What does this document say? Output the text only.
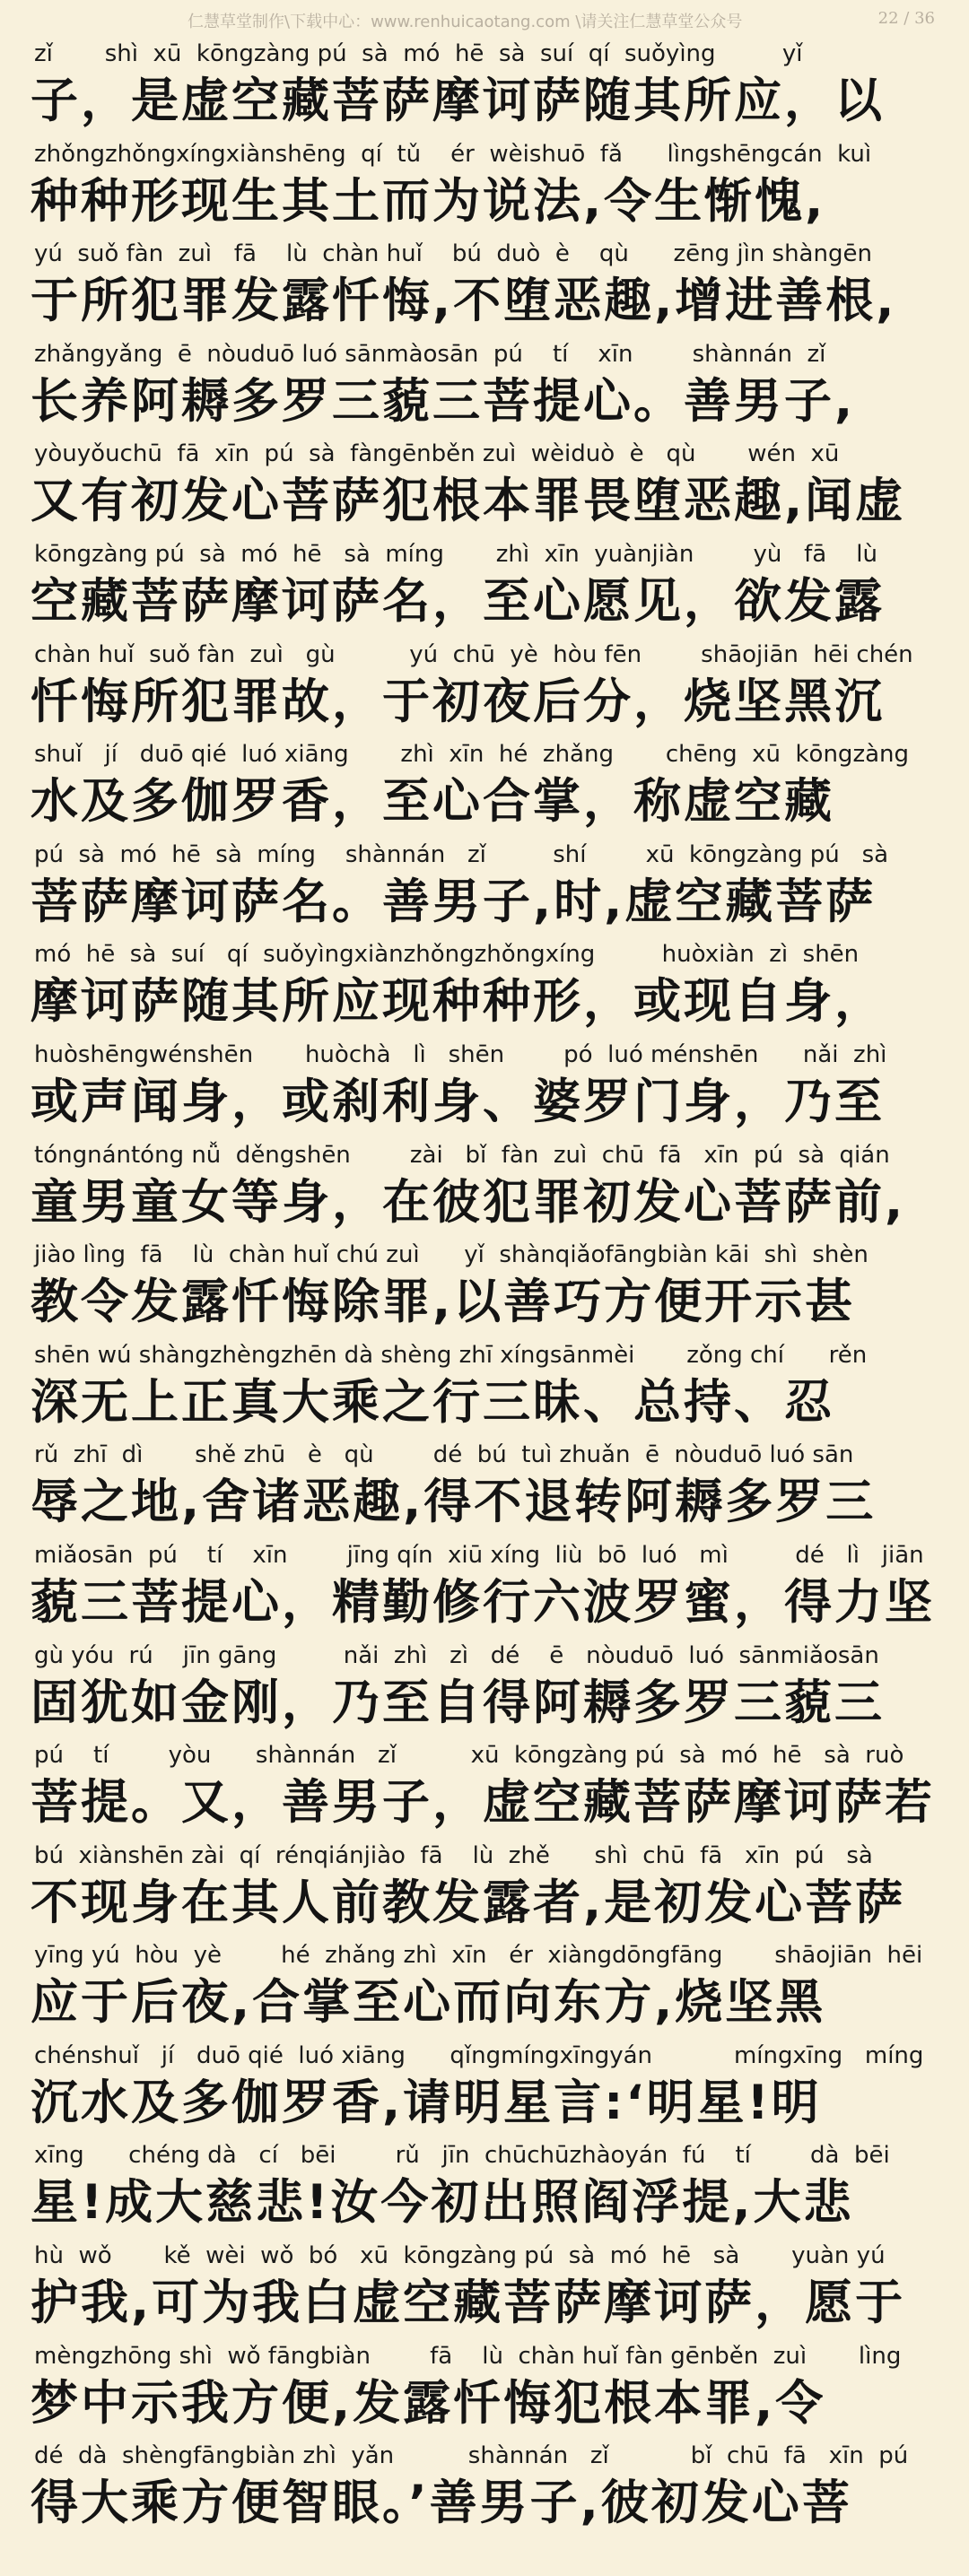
仁慧草堂制作\下载中心：www.renhuicaotang.com \请关注仁慧草堂公众号	22 / 36
zǐ       shì  xū  kōngzàng pú  sà  mó  hē  sà  suí  qí  suǒyìng         yǐ
子，是虚空藏菩萨摩诃萨随其所应，以
zhǒngzhǒngxíngxiànshēng  qí  tǔ    ér  wèishuō  fǎ      lìngshēngcán  kuì
种种形现生其土而为说法,令生惭愧,
yú  suǒ fàn  zuì   fā    lù  chàn huǐ    bú  duò  è    qù      zēng jìn shàngēn
于所犯罪发露忏悔,不堕恶趣,增进善根,
zhǎngyǎng  ē  nòuduō luó sānmàosān  pú    tí    xīn        shànnán  zǐ
长养阿耨多罗三藐三菩提心。善男子,
yòuyǒuchū  fā  xīn  pú  sà  fàngēnběn zuì  wèiduò  è   qù       wén  xū
又有初发心菩萨犯根本罪畏堕恶趣,闻虚
kōngzàng pú  sà  mó  hē   sà  míng       zhì  xīn  yuànjiàn        yù   fā    lù
空藏菩萨摩诃萨名，至心愿见，欲发露
chàn huǐ  suǒ fàn  zuì   gù          yú  chū  yè  hòu fēn        shāojiān  hēi chén
忏悔所犯罪故，于初夜后分，烧坚黑沉
shuǐ   jí   duō qié  luó xiāng       zhì  xīn  hé  zhǎng       chēng  xū  kōngzàng
水及多伽罗香，至心合掌，称虚空藏
pú  sà  mó  hē  sà  míng    shànnán   zǐ         shí        xū  kōngzàng pú   sà
菩萨摩诃萨名。善男子,时,虚空藏菩萨
mó  hē  sà  suí   qí  suǒyìngxiànzhǒngzhǒngxíng         huòxiàn  zì  shēn
摩诃萨随其所应现种种形，或现自身，
huòshēngwénshēn       huòchà   lì   shēn        pó  luó ménshēn      nǎi  zhì
或声闻身，或刹利身、婆罗门身，乃至
tóngnántóng nǚ  děngshēn        zài   bǐ  fàn  zuì  chū  fā   xīn  pú  sà  qián
童男童女等身，在彼犯罪初发心菩萨前,
jiào lìng  fā    lù  chàn huǐ chú zuì      yǐ  shànqiǎofāngbiàn kāi  shì  shèn
教令发露忏悔除罪,以善巧方便开示甚
shēn wú shàngzhèngzhēn dà shèng zhī xíngsānmèi       zǒng chí      rěn
深无上正真大乘之行三昧、总持、忍
rǔ  zhī  dì       shě zhū   è   qù        dé  bú  tuì zhuǎn  ē  nòuduō luó sān
辱之地,舍诸恶趣,得不退转阿耨多罗三
miǎosān  pú    tí    xīn        jīng qín  xiū xíng  liù  bō  luó   mì         dé   lì   jiān
藐三菩提心，精勤修行六波罗蜜，得力坚
gù yóu  rú    jīn gāng         nǎi  zhì   zì   dé    ē   nòuduō  luó  sānmiǎosān
固犹如金刚，乃至自得阿耨多罗三藐三
pú    tí        yòu      shànnán   zǐ          xū  kōngzàng pú  sà  mó  hē   sà  ruò
菩提。又，善男子，虚空藏菩萨摩诃萨若
bú  xiànshēn zài  qí  rénqiánjiào  fā    lù  zhě      shì  chū  fā   xīn  pú   sà
不现身在其人前教发露者,是初发心菩萨
yīng yú  hòu  yè        hé  zhǎng zhì  xīn   ér  xiàngdōngfāng       shāojiān  hēi
应于后夜,合掌至心而向东方,烧坚黑
chénshuǐ   jí   duō qié  luó xiāng      qǐngmíngxīngyán           míngxīng   míng
沉水及多伽罗香,请明星言:‘明星!明
xīng      chéng dà   cí   bēi        rǔ   jīn  chūchūzhàoyán  fú    tí        dà  bēi
星!成大慈悲!汝今初出照阎浮提,大悲
hù  wǒ       kě  wèi  wǒ  bó   xū  kōngzàng pú  sà  mó  hē   sà       yuàn yú
护我,可为我白虚空藏菩萨摩诃萨，愿于
mèngzhōng shì  wǒ fāngbiàn        fā    lù  chàn huǐ fàn gēnběn  zuì       lìng
梦中示我方便,发露忏悔犯根本罪,令
dé  dà  shèngfāngbiàn zhì  yǎn          shànnán   zǐ           bǐ  chū  fā   xīn  pú
得大乘方便智眼。’善男子,彼初发心菩
